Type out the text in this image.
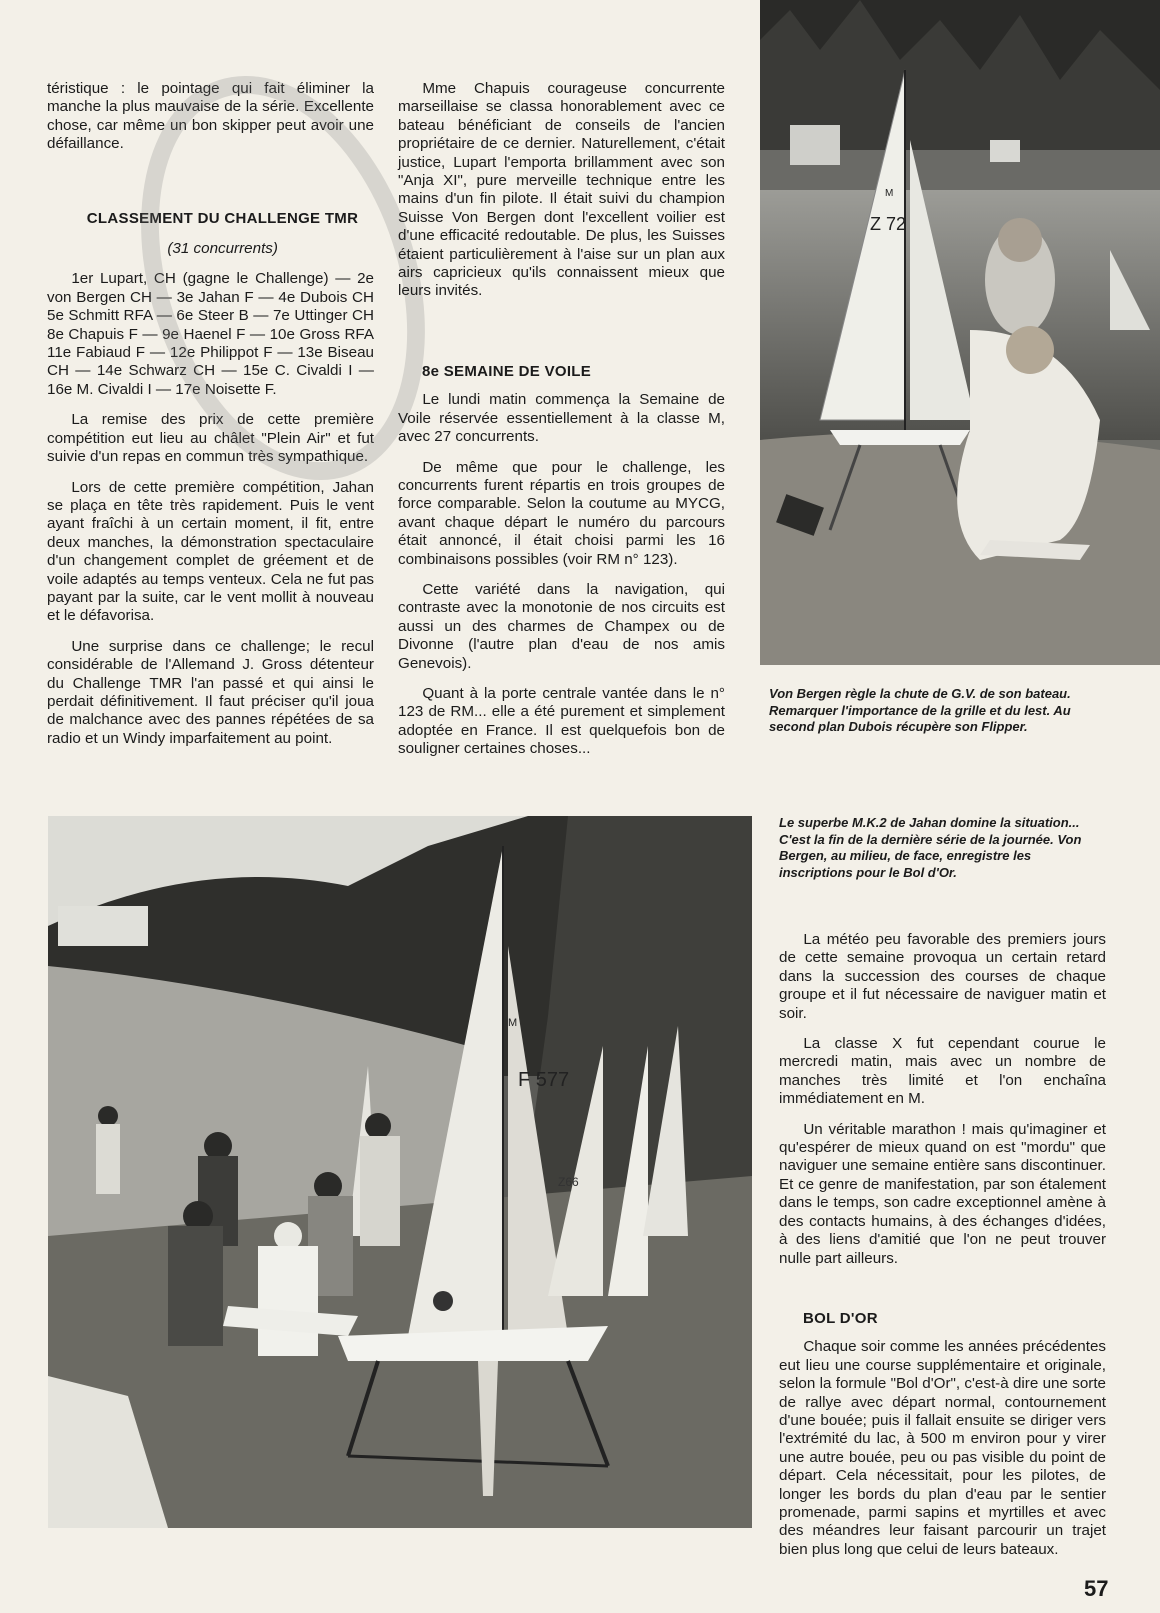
téristique : le pointage qui fait éliminer la manche la plus mauvaise de la série. Excellente chose, car même un bon skipper peut avoir une défaillance.

CLASSEMENT DU CHALLENGE TMR

(31 concurrents)

1er Lupart, CH (gagne le Challenge) — 2e von Bergen CH — 3e Jahan F — 4e Dubois CH 5e Schmitt RFA — 6e Steer B — 7e Uttinger CH 8e Chapuis F — 9e Haenel F — 10e Gross RFA 11e Fabiaud F — 12e Philippot F — 13e Biseau CH — 14e Schwarz CH — 15e C. Civaldi I — 16e M. Civaldi I — 17e Noisette F.

La remise des prix de cette première compétition eut lieu au châlet "Plein Air" et fut suivie d'un repas en commun très sympathique.

Lors de cette première compétition, Jahan se plaça en tête très rapidement. Puis le vent ayant fraîchi à un certain moment, il fit, entre deux manches, la démonstration spectaculaire d'un changement complet de gréement et de voile adaptés au temps venteux. Cela ne fut pas payant par la suite, car le vent mollit à nouveau et le défavorisa.

Une surprise dans ce challenge; le recul considérable de l'Allemand J. Gross détenteur du Challenge TMR l'an passé et qui ainsi le perdait définitivement. Il faut préciser qu'il joua de malchance avec des pannes répétées de sa radio et un Windy imparfaitement au point.

Mme Chapuis courageuse concurrente marseillaise se classa honorablement avec ce bateau bénéficiant de conseils de l'ancien propriétaire de ce dernier. Naturellement, c'était justice, Lupart l'emporta brillamment avec son "Anja XI", pure merveille technique entre les mains d'un fin pilote. Il était suivi du champion Suisse Von Bergen dont l'excellent voilier est d'une efficacité redoutable. De plus, les Suisses étaient particulièrement à l'aise sur un plan aux airs capricieux qu'ils connaissent mieux que leurs invités.

8e SEMAINE DE VOILE

Le lundi matin commença la Semaine de Voile réservée essentiellement à la classe M, avec 27 concurrents.

De même que pour le challenge, les concurrents furent répartis en trois groupes de force comparable. Selon la coutume au MYCG, avant chaque départ le numéro du parcours était annoncé, il était choisi parmi les 16 combinaisons possibles (voir RM n° 123).

Cette variété dans la navigation, qui contraste avec la monotonie de nos circuits est aussi un des charmes de Champex ou de Divonne (l'autre plan d'eau de nos amis Genevois).

Quant à la porte centrale vantée dans le n° 123 de RM... elle a été purement et simplement adoptée en France. Il est quelquefois bon de souligner certaines choses...

Z 72
M
Von Bergen règle la chute de G.V. de son bateau. Remarquer l'importance de la grille et du lest. Au second plan Dubois récupère son Flipper.
F 577
M
Z66
Le superbe M.K.2 de Jahan domine la situation... C'est la fin de la dernière série de la journée. Von Bergen, au milieu, de face, enregistre les inscriptions pour le Bol d'Or.

La météo peu favorable des premiers jours de cette semaine provoqua un certain retard dans la succession des courses de chaque groupe et il fut nécessaire de naviguer matin et soir.

La classe X fut cependant courue le mercredi matin, mais avec un nombre de manches très limité et l'on enchaîna immédiatement en M.

Un véritable marathon ! mais qu'imaginer et qu'espérer de mieux quand on est "mordu" que naviguer une semaine entière sans discontinuer. Et ce genre de manifestation, par son étalement dans le temps, son cadre exceptionnel amène à des contacts humains, à des échanges d'idées, à des liens d'amitié que l'on ne peut trouver nulle part ailleurs.

BOL D'OR

Chaque soir comme les années précédentes eut lieu une course supplémentaire et originale, selon la formule "Bol d'Or", c'est-à dire une sorte de rallye avec départ normal, contournement d'une bouée; puis il fallait ensuite se diriger vers l'extrémité du lac, à 500 m environ pour y virer une autre bouée, peu ou pas visible du point de départ. Cela nécessitait, pour les pilotes, de longer les bords du plan d'eau par le sentier promenade, parmi sapins et myrtilles et avec des méandres leur faisant parcourir un trajet bien plus long que celui de leurs bateaux.

57
